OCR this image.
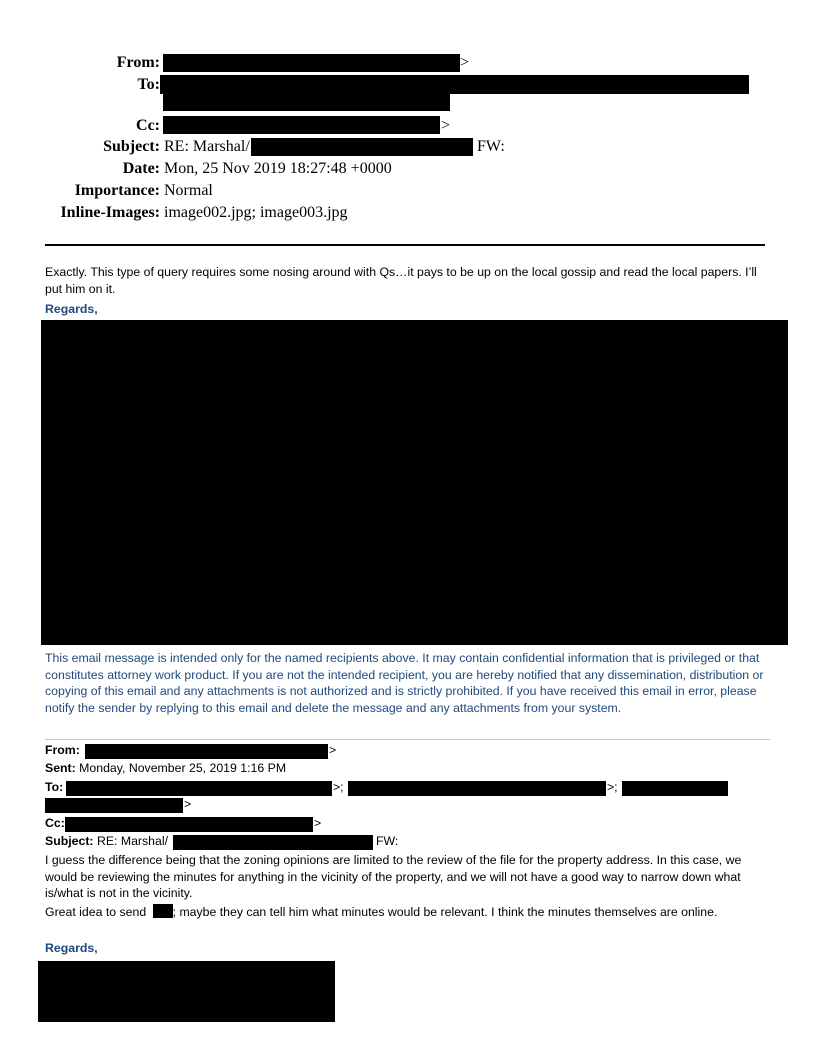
From:	>
To:
Cc:	>
Subject: RE: Marshal/	FW:
Date: Mon, 25 Nov 2019 18:27:48 +0000
Importance: Normal
Inline-Images: image002.jpg; image003.jpg
Exactly. This type of query requires some nosing around with Qs…it pays to be up on the local gossip and read the local papers. I’ll put him on it.
Regards,
This email message is intended only for the named recipients above. It may contain confidential information that is privileged or that constitutes attorney work product. If you are not the intended recipient, you are hereby notified that any dissemination, distribution or copying of this email and any attachments is not authorized and is strictly prohibited. If you have received this email in error, please notify the sender by replying to this email and delete the message and any attachments from your system.
From:	>
Sent: Monday, November 25, 2019 1:16 PM
To:	>;	>;
>
Cc:	>
Subject: RE: Marshal/	FW:
I guess the difference being that the zoning opinions are limited to the review of the file for the property address. In this case, we would be reviewing the minutes for anything in the vicinity of the property, and we will not have a good way to narrow down what is/what is not in the vicinity.
Great idea to send ; maybe they can tell him what minutes would be relevant. I think the minutes themselves are online.
Regards,
